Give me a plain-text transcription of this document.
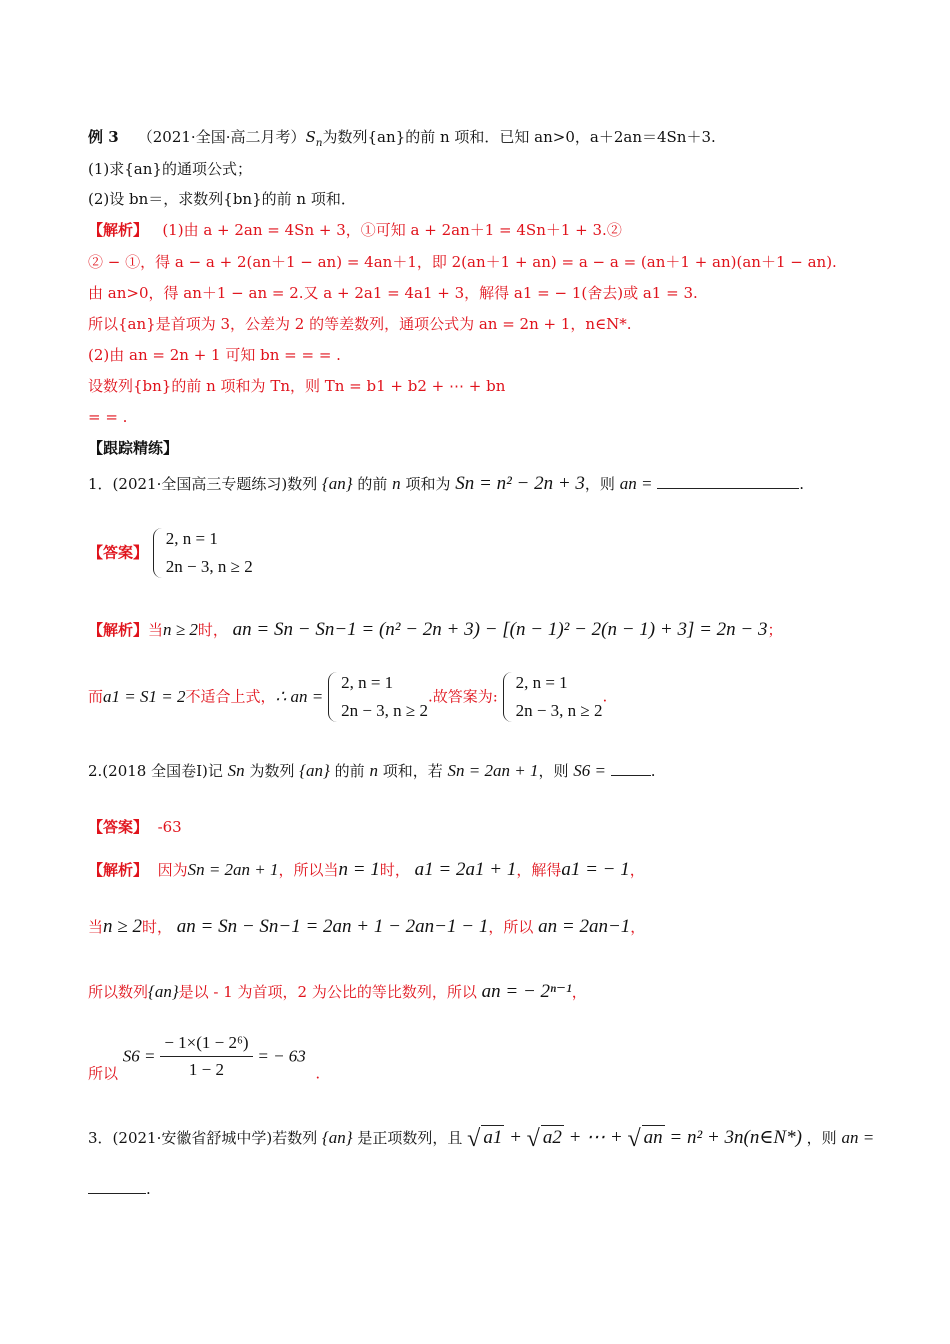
例 3 （2021·全国·高二月考）$S_n$为数列{an}的前 n 项和．已知 an>0，a＋2an＝4Sn＋3.
(1)求{an}的通项公式；
(2)设 bn＝，求数列{bn}的前 n 项和．
【解析】 (1)由 a + 2an = 4Sn + 3，①可知 a + 2an＋1 = 4Sn＋1 + 3.②
② − ①，得 a − a + 2(an＋1 − an) = 4an＋1，即 2(an＋1 + an) = a − a = (an＋1 + an)(an＋1 − an).
由 an>0，得 an＋1 − an = 2.又 a + 2a1 = 4a1 + 3，解得 a1 = − 1(舍去)或 a1 = 3.
所以{an}是首项为 3，公差为 2 的等差数列，通项公式为 an = 2n + 1，n∈N*.
(2)由 an = 2n + 1 可知 bn = = = .
设数列{bn}的前 n 项和为 Tn，则 Tn = b1 + b2 + ⋯ + bn
= = .
【跟踪精练】
1．(2021·全国高三专题练习)数列 {an} 的前 n 项和为 Sn = n² − 2n + 3，则 an =	.
【答案】
2, n = 1
2n − 3, n ≥ 2
【解析】当n ≥ 2时， an = Sn − Sn−1 = (n² − 2n + 3) − [(n − 1)² − 2(n − 1) + 3] = 2n − 3；
而a1 = S1 = 2不适合上式，∴ an =
2, n = 1
2n − 3, n ≥ 2
.故答案为:
2, n = 1
2n − 3, n ≥ 2
.
2.(2018 全国卷Ⅰ)记 Sn 为数列 {an} 的前 n 项和，若 Sn = 2an + 1，则 S6 =	.
【答案】 -63
【解析】 因为Sn = 2an + 1，所以当n = 1时， a1 = 2a1 + 1，解得a1 = − 1，
当n ≥ 2时， an = Sn − Sn−1 = 2an + 1 − 2an−1 − 1，所以 an = 2an−1，
所以数列{an}是以 - 1 为首项，2 为公比的等比数列，所以 an = − 2ⁿ⁻¹，
所以 $S6 = \frac{\text{− 1×(1 − 2⁶)}}{1 - 2}$ = − 63  .
3．(2021·安徽省舒城中学)若数列 {an} 是正项数列，且 √ a1 + √ a2 + ⋯ + √ an = n² + 3n(n∈N*) ，则 an =
.
